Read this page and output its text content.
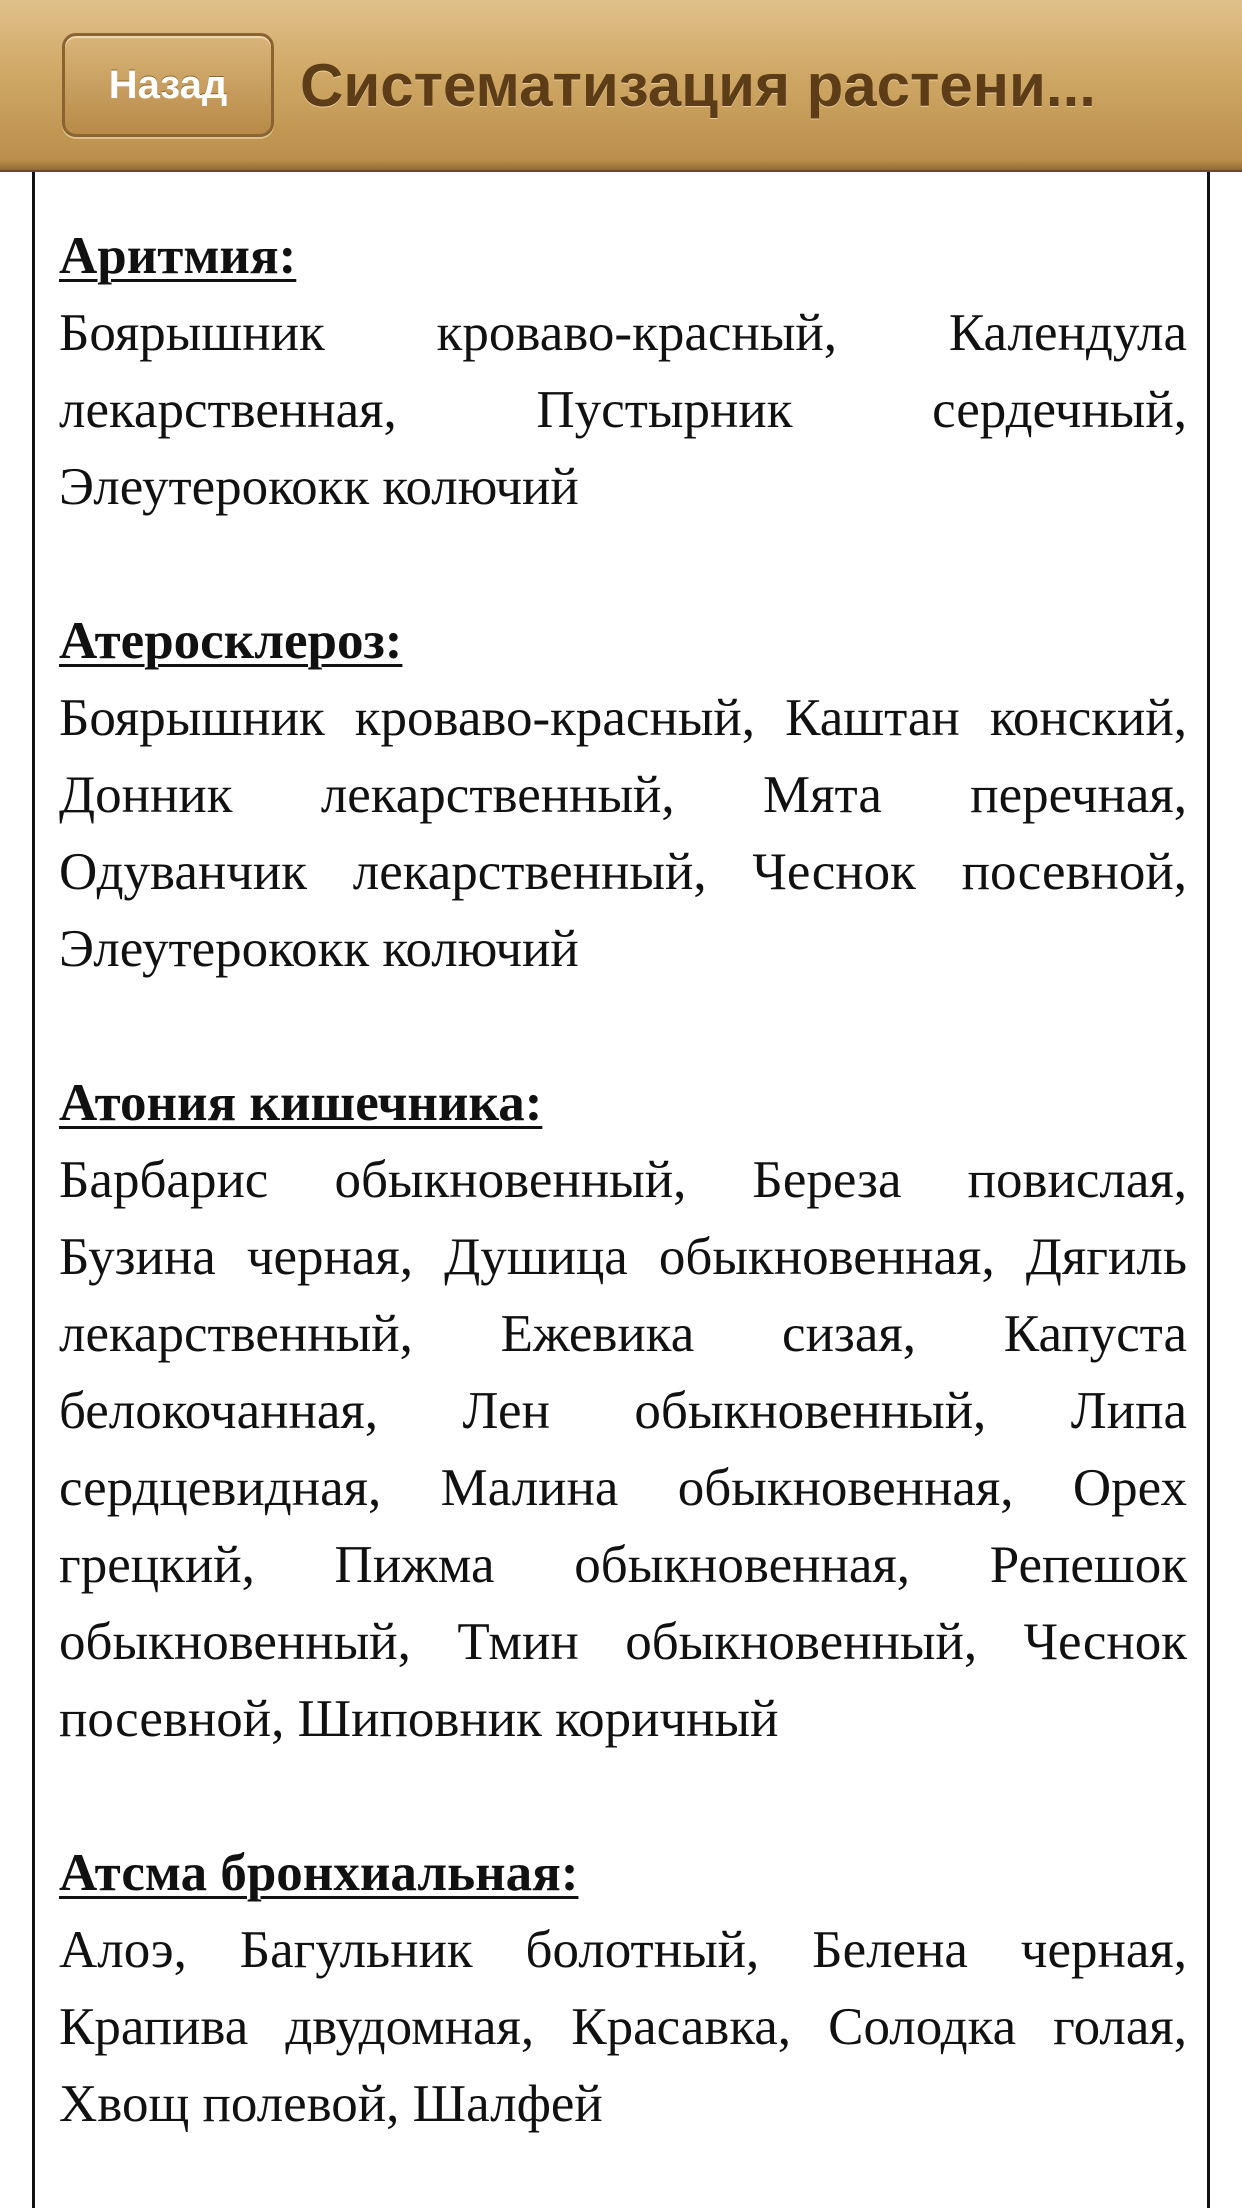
Назад	Систематизация растени...
Аритмия:
Боярышник кроваво-красный, Календула лекарственная, Пустырник сердечный, Элеутерококк колючий
Атеросклероз:
Боярышник кроваво-красный, Каштан конский, Донник лекарственный, Мята перечная, Одуванчик лекарственный, Чеснок посевной, Элеутерококк колючий
Атония кишечника:
Барбарис обыкновенный, Береза повислая, Бузина черная, Душица обыкновенная, Дягиль лекарственный, Ежевика сизая, Капуста белокочанная, Лен обыкновенный, Липа сердцевидная, Малина обыкновенная, Орех грецкий, Пижма обыкновенная, Репешок обыкновенный, Тмин обыкновенный, Чеснок посевной, Шиповник коричный
Атсма бронхиальная:
Алоэ, Багульник болотный, Белена черная, Крапива двудомная, Красавка, Солодка голая, Хвощ полевой, Шалфей
